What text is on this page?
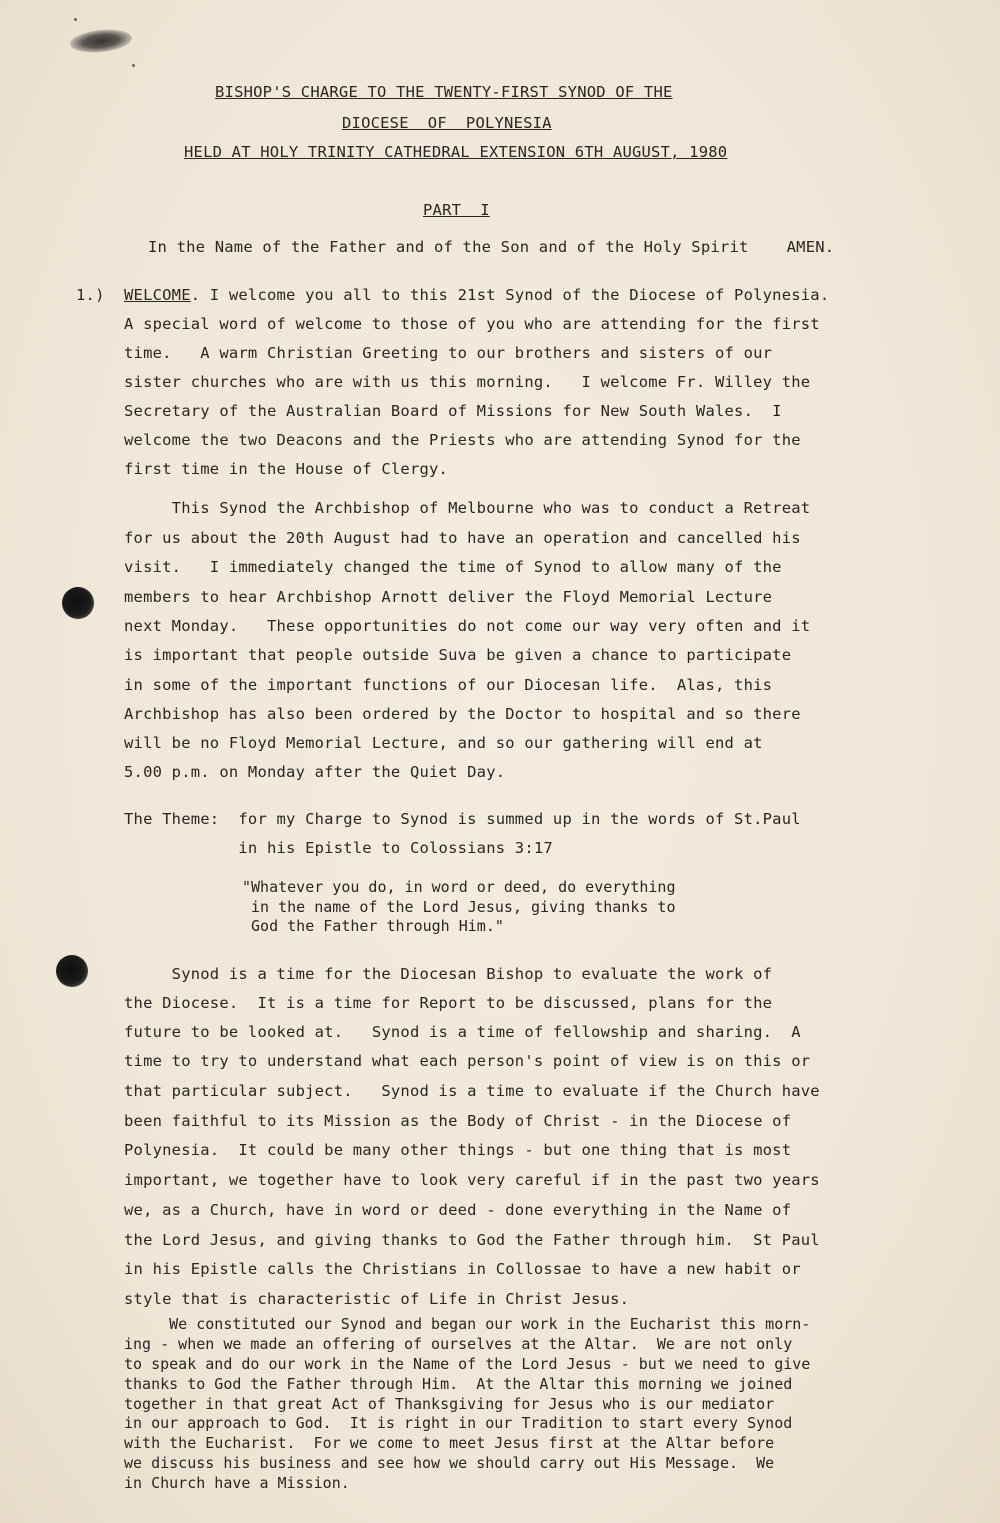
BISHOP'S CHARGE TO THE TWENTY-FIRST SYNOD OF THE
DIOCESE  OF  POLYNESIA
HELD AT HOLY TRINITY CATHEDRAL EXTENSION 6TH AUGUST, 1980
PART  I
In the Name of the Father and of the Son and of the Holy Spirit    AMEN.
1.) WELCOME. I welcome you all to this 21st Synod of the Diocese of Polynesia.
A special word of welcome to those of you who are attending for the first
time.   A warm Christian Greeting to our brothers and sisters of our
sister churches who are with us this morning.   I welcome Fr. Willey the
Secretary of the Australian Board of Missions for New South Wales.  I
welcome the two Deacons and the Priests who are attending Synod for the
first time in the House of Clergy.
This Synod the Archbishop of Melbourne who was to conduct a Retreat
for us about the 20th August had to have an operation and cancelled his
visit.   I immediately changed the time of Synod to allow many of the
members to hear Archbishop Arnott deliver the Floyd Memorial Lecture
next Monday.   These opportunities do not come our way very often and it
is important that people outside Suva be given a chance to participate
in some of the important functions of our Diocesan life.  Alas, this
Archbishop has also been ordered by the Doctor to hospital and so there
will be no Floyd Memorial Lecture, and so our gathering will end at
5.00 p.m. on Monday after the Quiet Day.
The Theme:  for my Charge to Synod is summed up in the words of St.Paul
in his Epistle to Colossians 3:17
"Whatever you do, in word or deed, do everything
in the name of the Lord Jesus, giving thanks to
God the Father through Him."
Synod is a time for the Diocesan Bishop to evaluate the work of
the Diocese.  It is a time for Report to be discussed, plans for the
future to be looked at.   Synod is a time of fellowship and sharing.  A
time to try to understand what each person's point of view is on this or
that particular subject.   Synod is a time to evaluate if the Church have
been faithful to its Mission as the Body of Christ - in the Diocese of
Polynesia.  It could be many other things - but one thing that is most
important, we together have to look very careful if in the past two years
we, as a Church, have in word or deed - done everything in the Name of
the Lord Jesus, and giving thanks to God the Father through him.  St Paul
in his Epistle calls the Christians in Collossae to have a new habit or
style that is characteristic of Life in Christ Jesus.
We constituted our Synod and began our work in the Eucharist this morn-
ing - when we made an offering of ourselves at the Altar.  We are not only
to speak and do our work in the Name of the Lord Jesus - but we need to give
thanks to God the Father through Him.  At the Altar this morning we joined
together in that great Act of Thanksgiving for Jesus who is our mediator
in our approach to God.  It is right in our Tradition to start every Synod
with the Eucharist.  For we come to meet Jesus first at the Altar before
we discuss his business and see how we should carry out His Message.  We
in Church have a Mission.
